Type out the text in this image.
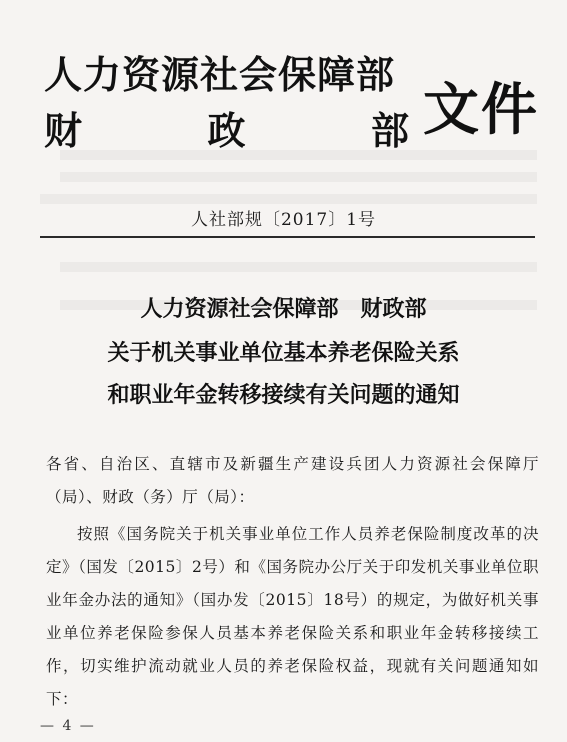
人力资源社会保障部
财	政	部 文件
人社部规〔2017〕1号
人力资源社会保障部　财政部
关于机关事业单位基本养老保险关系
和职业年金转移接续有关问题的通知
各省、自治区、直辖市及新疆生产建设兵团人力资源社会保障厅（局）、财政（务）厅（局）：
按照《国务院关于机关事业单位工作人员养老保险制度改革的决定》（国发〔2015〕2号）和《国务院办公厅关于印发机关事业单位职业年金办法的通知》（国办发〔2015〕18号）的规定，为做好机关事业单位养老保险参保人员基本养老保险关系和职业年金转移接续工作，切实维护流动就业人员的养老保险权益，现就有关问题通知如下：
— 4 —
